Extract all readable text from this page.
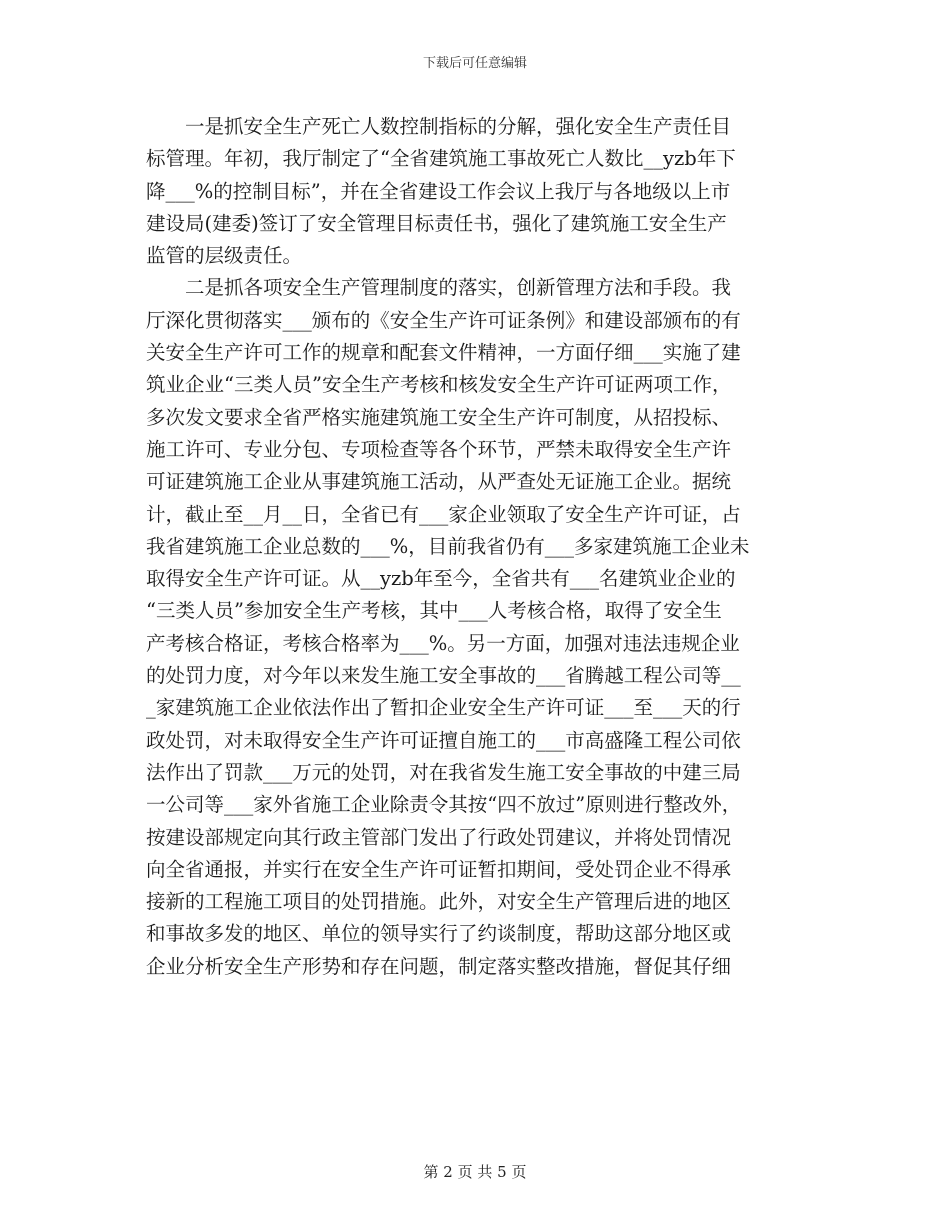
下载后可任意编辑
一是抓安全生产死亡人数控制指标的分解，强化安全生产责任目
标管理。年初，我厅制定了“全省建筑施工事故死亡人数比__yzb年下
降___%的控制目标”，并在全省建设工作会议上我厅与各地级以上市
建设局(建委)签订了安全管理目标责任书，强化了建筑施工安全生产
监管的层级责任。
二是抓各项安全生产管理制度的落实，创新管理方法和手段。我
厅深化贯彻落实___颁布的《安全生产许可证条例》和建设部颁布的有
关安全生产许可工作的规章和配套文件精神，一方面仔细___实施了建
筑业企业“三类人员”安全生产考核和核发安全生产许可证两项工作，
多次发文要求全省严格实施建筑施工安全生产许可制度，从招投标、
施工许可、专业分包、专项检查等各个环节，严禁未取得安全生产许
可证建筑施工企业从事建筑施工活动，从严查处无证施工企业。据统
计，截止至__月__日，全省已有___家企业领取了安全生产许可证，占
我省建筑施工企业总数的___%，目前我省仍有___多家建筑施工企业未
取得安全生产许可证。从__yzb年至今，全省共有___名建筑业企业的
“三类人员”参加安全生产考核，其中___人考核合格，取得了安全生
产考核合格证，考核合格率为___%。另一方面，加强对违法违规企业
的处罚力度，对今年以来发生施工安全事故的___省腾越工程公司等__
_家建筑施工企业依法作出了暂扣企业安全生产许可证___至___天的行
政处罚，对未取得安全生产许可证擅自施工的___市高盛隆工程公司依
法作出了罚款___万元的处罚，对在我省发生施工安全事故的中建三局
一公司等___家外省施工企业除责令其按“四不放过”原则进行整改外，
按建设部规定向其行政主管部门发出了行政处罚建议，并将处罚情况
向全省通报，并实行在安全生产许可证暂扣期间，受处罚企业不得承
接新的工程施工项目的处罚措施。此外，对安全生产管理后进的地区
和事故多发的地区、单位的领导实行了约谈制度，帮助这部分地区或
企业分析安全生产形势和存在问题，制定落实整改措施，督促其仔细
第 2 页 共 5 页
